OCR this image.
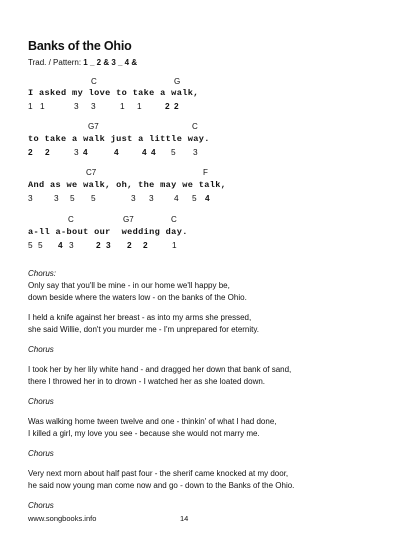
Banks of the Ohio
Trad. / Pattern: 1 _ 2 & 3 _ 4 &
C	G
I asked my love to take a walk,

1

1

	3

3

	1

1

	2

2

G7	C
to take a walk just a little way.

2

2

	3

4

	4

	4

4

5

3

C7	F
And as we walk, oh, the may we talk,

3

	3

5

5

	3

3

4

5

4

C	G7	C
a-ll a-bout our  wedding day.

5

5

4

3

	2

3

2

2

	1

Chorus:
Only say that you'll be mine - in our home we'll happy be,
down beside where the waters low - on the banks of the Ohio.
I held a knife against her breast - as into my arms she pressed,
she said Willie, don't you murder me - I'm unprepared for eternity.
Chorus
I took her by her lily white hand - and dragged her down that bank of sand,
there I throwed her in to drown - I watched her as she loated down.
Chorus
Was walking home tween twelve and one - thinkin' of what I had done,
I killed a girl, my love you see - because she would not marry me.
Chorus
Very next morn about half past four - the sherif came knocked at my door,
he said now young man come now and go - down to the Banks of the Ohio.
Chorus
www.songbooks.info	14
